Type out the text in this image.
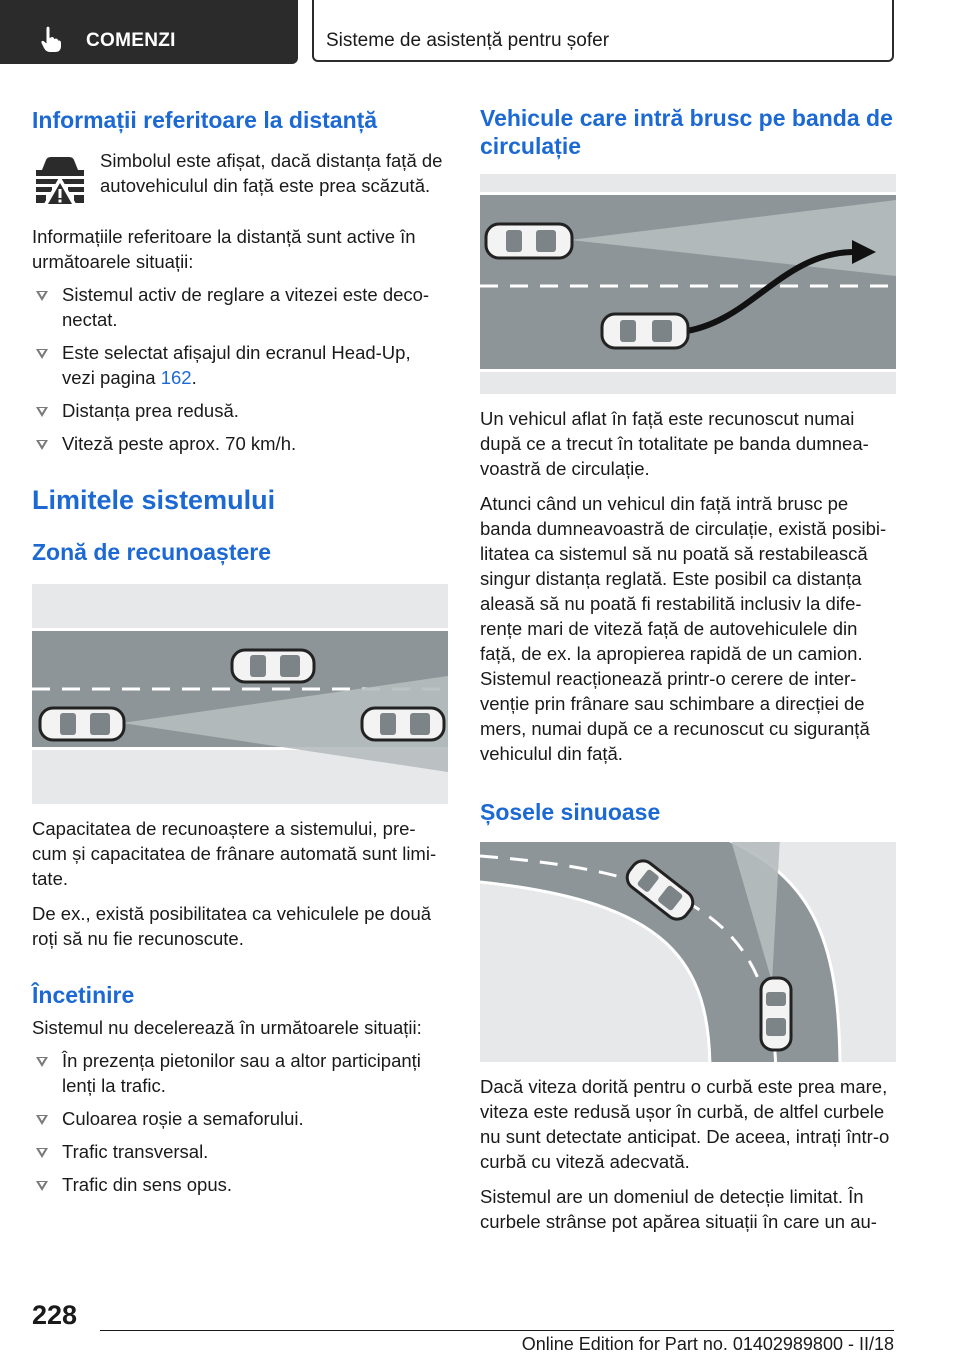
COMENZI	Sisteme de asistență pentru șofer
Informații referitoare la distanță

Simbolul este afișat, dacă distanța față de autovehiculul din față este prea scăzută.

Informațiile referitoare la distanță sunt active în următoarele situații:

Sistemul activ de reglare a vitezei este deco-nectat.
Este selectat afișajul din ecranul Head-Up, vezi pagina 162.
Distanța prea redusă.
Viteză peste aprox. 70 km/h.
Limitele sistemului
Zonă de recunoaștere

Capacitatea de recunoaștere a sistemului, pre-cum și capacitatea de frânare automată sunt limi-tate.

De ex., există posibilitatea ca vehiculele pe două roți să nu fie recunoscute.

Încetinire

Sistemul nu decelerează în următoarele situații:

În prezența pietonilor sau a altor participanți lenți la trafic.
Culoarea roșie a semaforului.
Trafic transversal.
Trafic din sens opus.
Vehicule care intră brusc pe banda de circulație

Un vehicul aflat în față este recunoscut numai după ce a trecut în totalitate pe banda dumnea-voastră de circulație.

Atunci când un vehicul din față intră brusc pe banda dumneavoastră de circulație, există posibi-litatea ca sistemul să nu poată să restabilească singur distanța reglată. Este posibil ca distanța aleasă să nu poată fi restabilită inclusiv la dife-rențe mari de viteză față de autovehiculele din față, de ex. la apropierea rapidă de un camion. Sistemul reacționează printr-o cerere de inter-venție prin frânare sau schimbare a direcției de mers, numai după ce a recunoscut cu siguranță vehiculul din față.

Șosele sinuoase

Dacă viteza dorită pentru o curbă este prea mare, viteza este redusă ușor în curbă, de altfel curbele nu sunt detectate anticipat. De aceea, intrați într-o curbă cu viteză adecvată.

Sistemul are un domeniul de detecție limitat. În curbele strânse pot apărea situații în care un au-

228
Online Edition for Part no. 01402989800 - II/18
